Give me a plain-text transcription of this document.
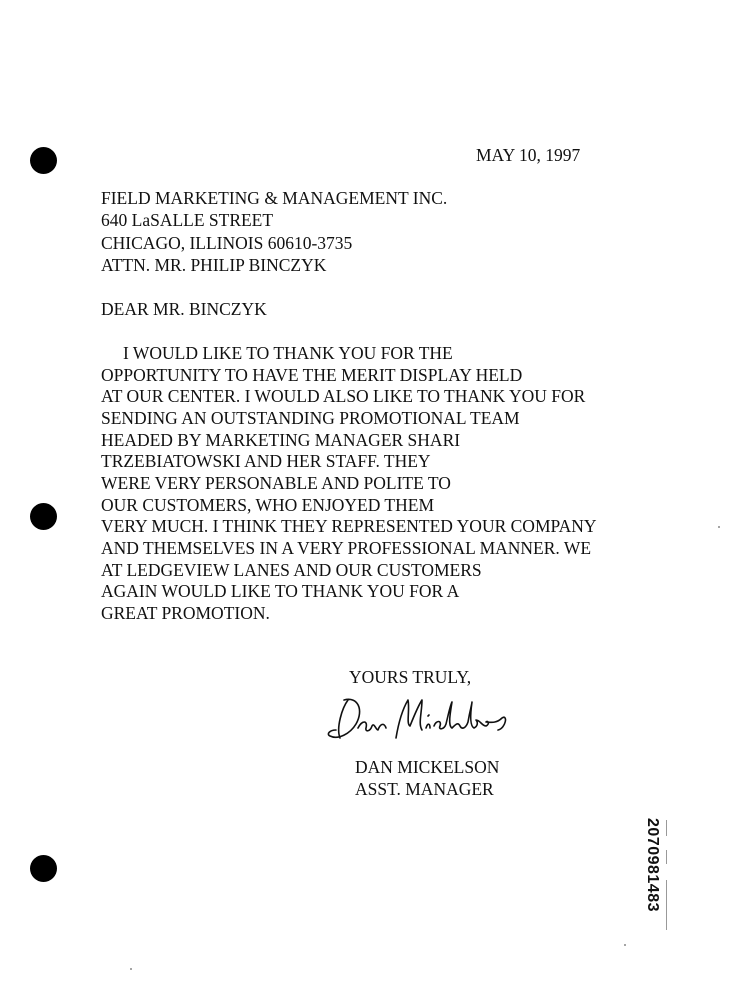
MAY 10, 1997
FIELD MARKETING & MANAGEMENT INC.
640 LaSALLE STREET
CHICAGO, ILLINOIS 60610-3735
ATTN. MR. PHILIP BINCZYK
DEAR MR. BINCZYK
I WOULD LIKE TO THANK YOU FOR THE
OPPORTUNITY TO HAVE THE MERIT DISPLAY HELD
AT OUR CENTER. I WOULD ALSO LIKE TO THANK YOU FOR
SENDING AN OUTSTANDING PROMOTIONAL TEAM
HEADED BY MARKETING MANAGER SHARI
TRZEBIATOWSKI AND HER STAFF. THEY
WERE VERY PERSONABLE AND POLITE TO
OUR CUSTOMERS, WHO ENJOYED THEM
VERY MUCH. I THINK THEY REPRESENTED YOUR COMPANY
AND THEMSELVES IN A VERY PROFESSIONAL MANNER. WE
AT LEDGEVIEW LANES AND OUR CUSTOMERS
AGAIN WOULD LIKE TO THANK YOU FOR A
GREAT PROMOTION.
YOURS TRULY,
DAN MICKELSON
ASST. MANAGER
2070981483
